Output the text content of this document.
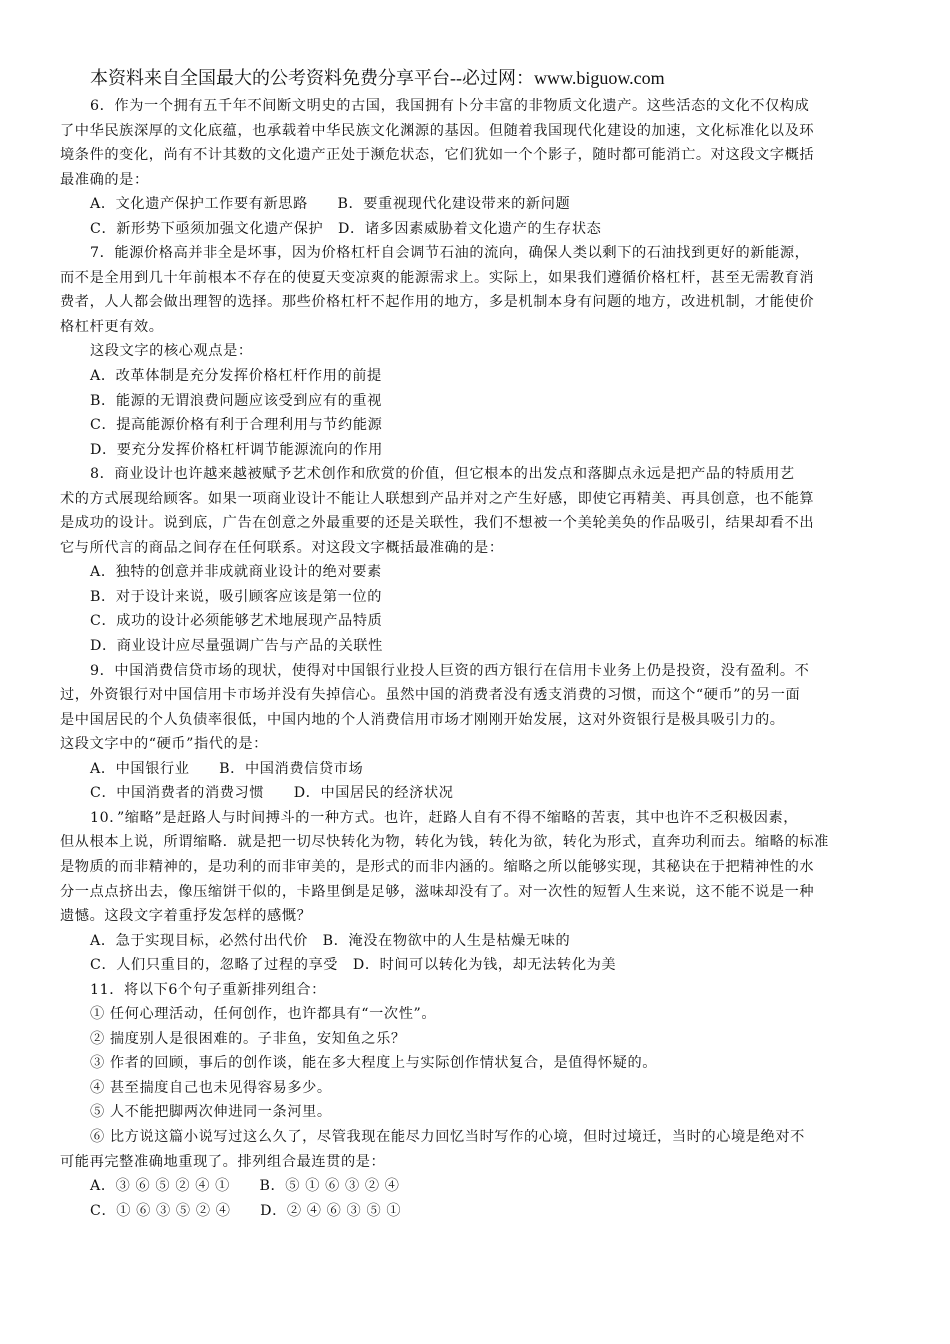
本资料来自全国最大的公考资料免费分享平台--必过网：www.biguow.com
6．作为一个拥有五千年不间断文明史的古国，我国拥有卜分丰富的非物质文化遗产。这些活态的文化不仅构成
了中华民族深厚的文化底蕴，也承载着中华民族文化渊源的基因。但随着我国现代化建设的加速，文化标准化以及环
境条件的变化，尚有不计其数的文化遗产正处于濒危状态，它们犹如一个个影子，随时都可能消亡。对这段文字概括
最准确的是：
A．文化遗产保护工作要有新思路　　B．要重视现代化建设带来的新问题
C．新形势下亟须加强文化遗产保护　D．诸多因素威胁着文化遗产的生存状态
7．能源价格高并非全是坏事，因为价格杠杆自会调节石油的流向，确保人类以剩下的石油找到更好的新能源，
而不是全用到几十年前根本不存在的使夏天变凉爽的能源需求上。实际上，如果我们遵循价格杠杆，甚至无需教育消
费者，人人都会做出理智的选择。那些价格杠杆不起作用的地方，多是机制本身有问题的地方，改进机制，才能使价
格杠杆更有效。
这段文字的核心观点是：
A．改革体制是充分发挥价格杠杆作用的前提
B．能源的无谓浪费问题应该受到应有的重视
C．提高能源价格有利于合理利用与节约能源
D．要充分发挥价格杠杆调节能源流向的作用
8．商业设计也许越来越被赋予艺术创作和欣赏的价值，但它根本的出发点和落脚点永远是把产品的特质用艺
术的方式展现给顾客。如果一项商业设计不能让人联想到产品并对之产生好感，即使它再精美、再具创意，也不能算
是成功的设计。说到底，广告在创意之外最重要的还是关联性，我们不想被一个美轮美奂的作品吸引，结果却看不出
它与所代言的商品之间存在任何联系。对这段文字概括最准确的是：
A．独特的创意并非成就商业设计的绝对要素
B．对于设计来说，吸引顾客应该是第一位的
C．成功的设计必须能够艺术地展现产品特质
D．商业设计应尽量强调广告与产品的关联性
9．中国消费信贷市场的现状，使得对中国银行业投人巨资的西方银行在信用卡业务上仍是投资，没有盈利。不
过，外资银行对中国信用卡市场并没有失掉信心。虽然中国的消费者没有透支消费的习惯，而这个“硬币”的另一面
是中国居民的个人负债率很低，中国内地的个人消费信用市场才刚刚开始发展，这对外资银行是极具吸引力的。
这段文字中的“硬币”指代的是：
A．中国银行业　　B．中国消费信贷市场
C．中国消费者的消费习惯　　D．中国居民的经济状况
10．”缩略”是赶路人与时间搏斗的一种方式。也许，赶路人自有不得不缩略的苦衷，其中也许不乏积极因素，
但从根本上说，所谓缩略．就是把一切尽快转化为物，转化为钱，转化为欲，转化为形式，直奔功利而去。缩略的标准
是物质的而非精神的，是功利的而非审美的，是形式的而非内涵的。缩略之所以能够实现，其秘诀在于把精神性的水
分一点点挤出去，像压缩饼干似的，卡路里倒是足够，滋味却没有了。对一次性的短暂人生来说，这不能不说是一种
遗憾。这段文字着重抒发怎样的感慨？
A．急于实现目标，必然付出代价　B．淹没在物欲中的人生是枯燥无味的
C．人们只重目的，忽略了过程的享受　D．时间可以转化为钱，却无法转化为美
11．将以下6个句子重新排列组合：
① 任何心理活动，任何创作，也许都具有“一次性”。
② 揣度别人是很困难的。子非鱼，安知鱼之乐？
③ 作者的回顾，事后的创作谈，能在多大程度上与实际创作情状复合，是值得怀疑的。
④ 甚至揣度自己也未见得容易多少。
⑤ 人不能把脚两次伸进同一条河里。
⑥ 比方说这篇小说写过这么久了，尽管我现在能尽力回忆当时写作的心境，但时过境迁，当时的心境是绝对不
可能再完整准确地重现了。排列组合最连贯的是：
A．③ ⑥ ⑤ ② ④ ①　　B．⑤ ① ⑥ ③ ② ④
C．① ⑥ ③ ⑤ ② ④　　D．② ④ ⑥ ③ ⑤ ①
